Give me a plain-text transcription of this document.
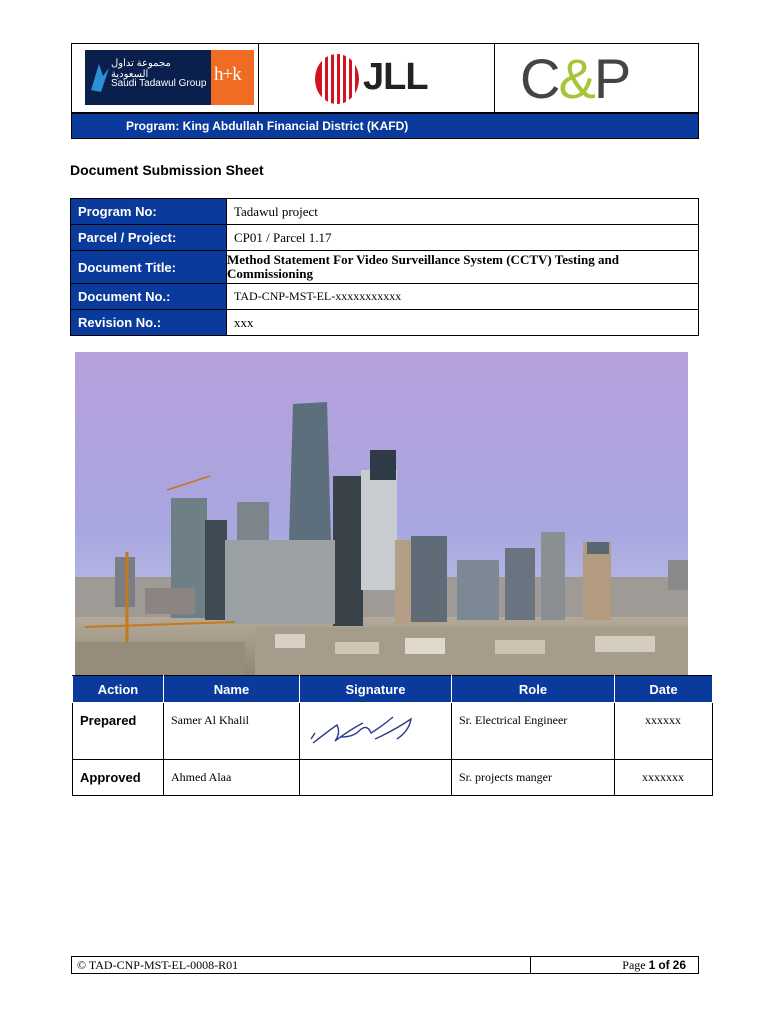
مجموعة تداول السعودية
Saudi Tadawul Group h+k	JLL C&P
Program: King Abdullah Financial District (KAFD)
Document Submission Sheet
Program No:	Tadawul project
Parcel / Project:	CP01 / Parcel 1.17
Document Title:	Method Statement For Video Surveillance System (CCTV) Testing and Commissioning
Document No.:	TAD-CNP-MST-EL-xxxxxxxxxxx
Revision No.:	xxx
Action	Name	Signature	Role	Date
Prepared	Samer Al Khalil		Sr. Electrical Engineer	xxxxxx
Approved	Ahmed Alaa		Sr. projects manger	xxxxxxx
© TAD-CNP-MST-EL-0008-R01	Page 1 of 26
